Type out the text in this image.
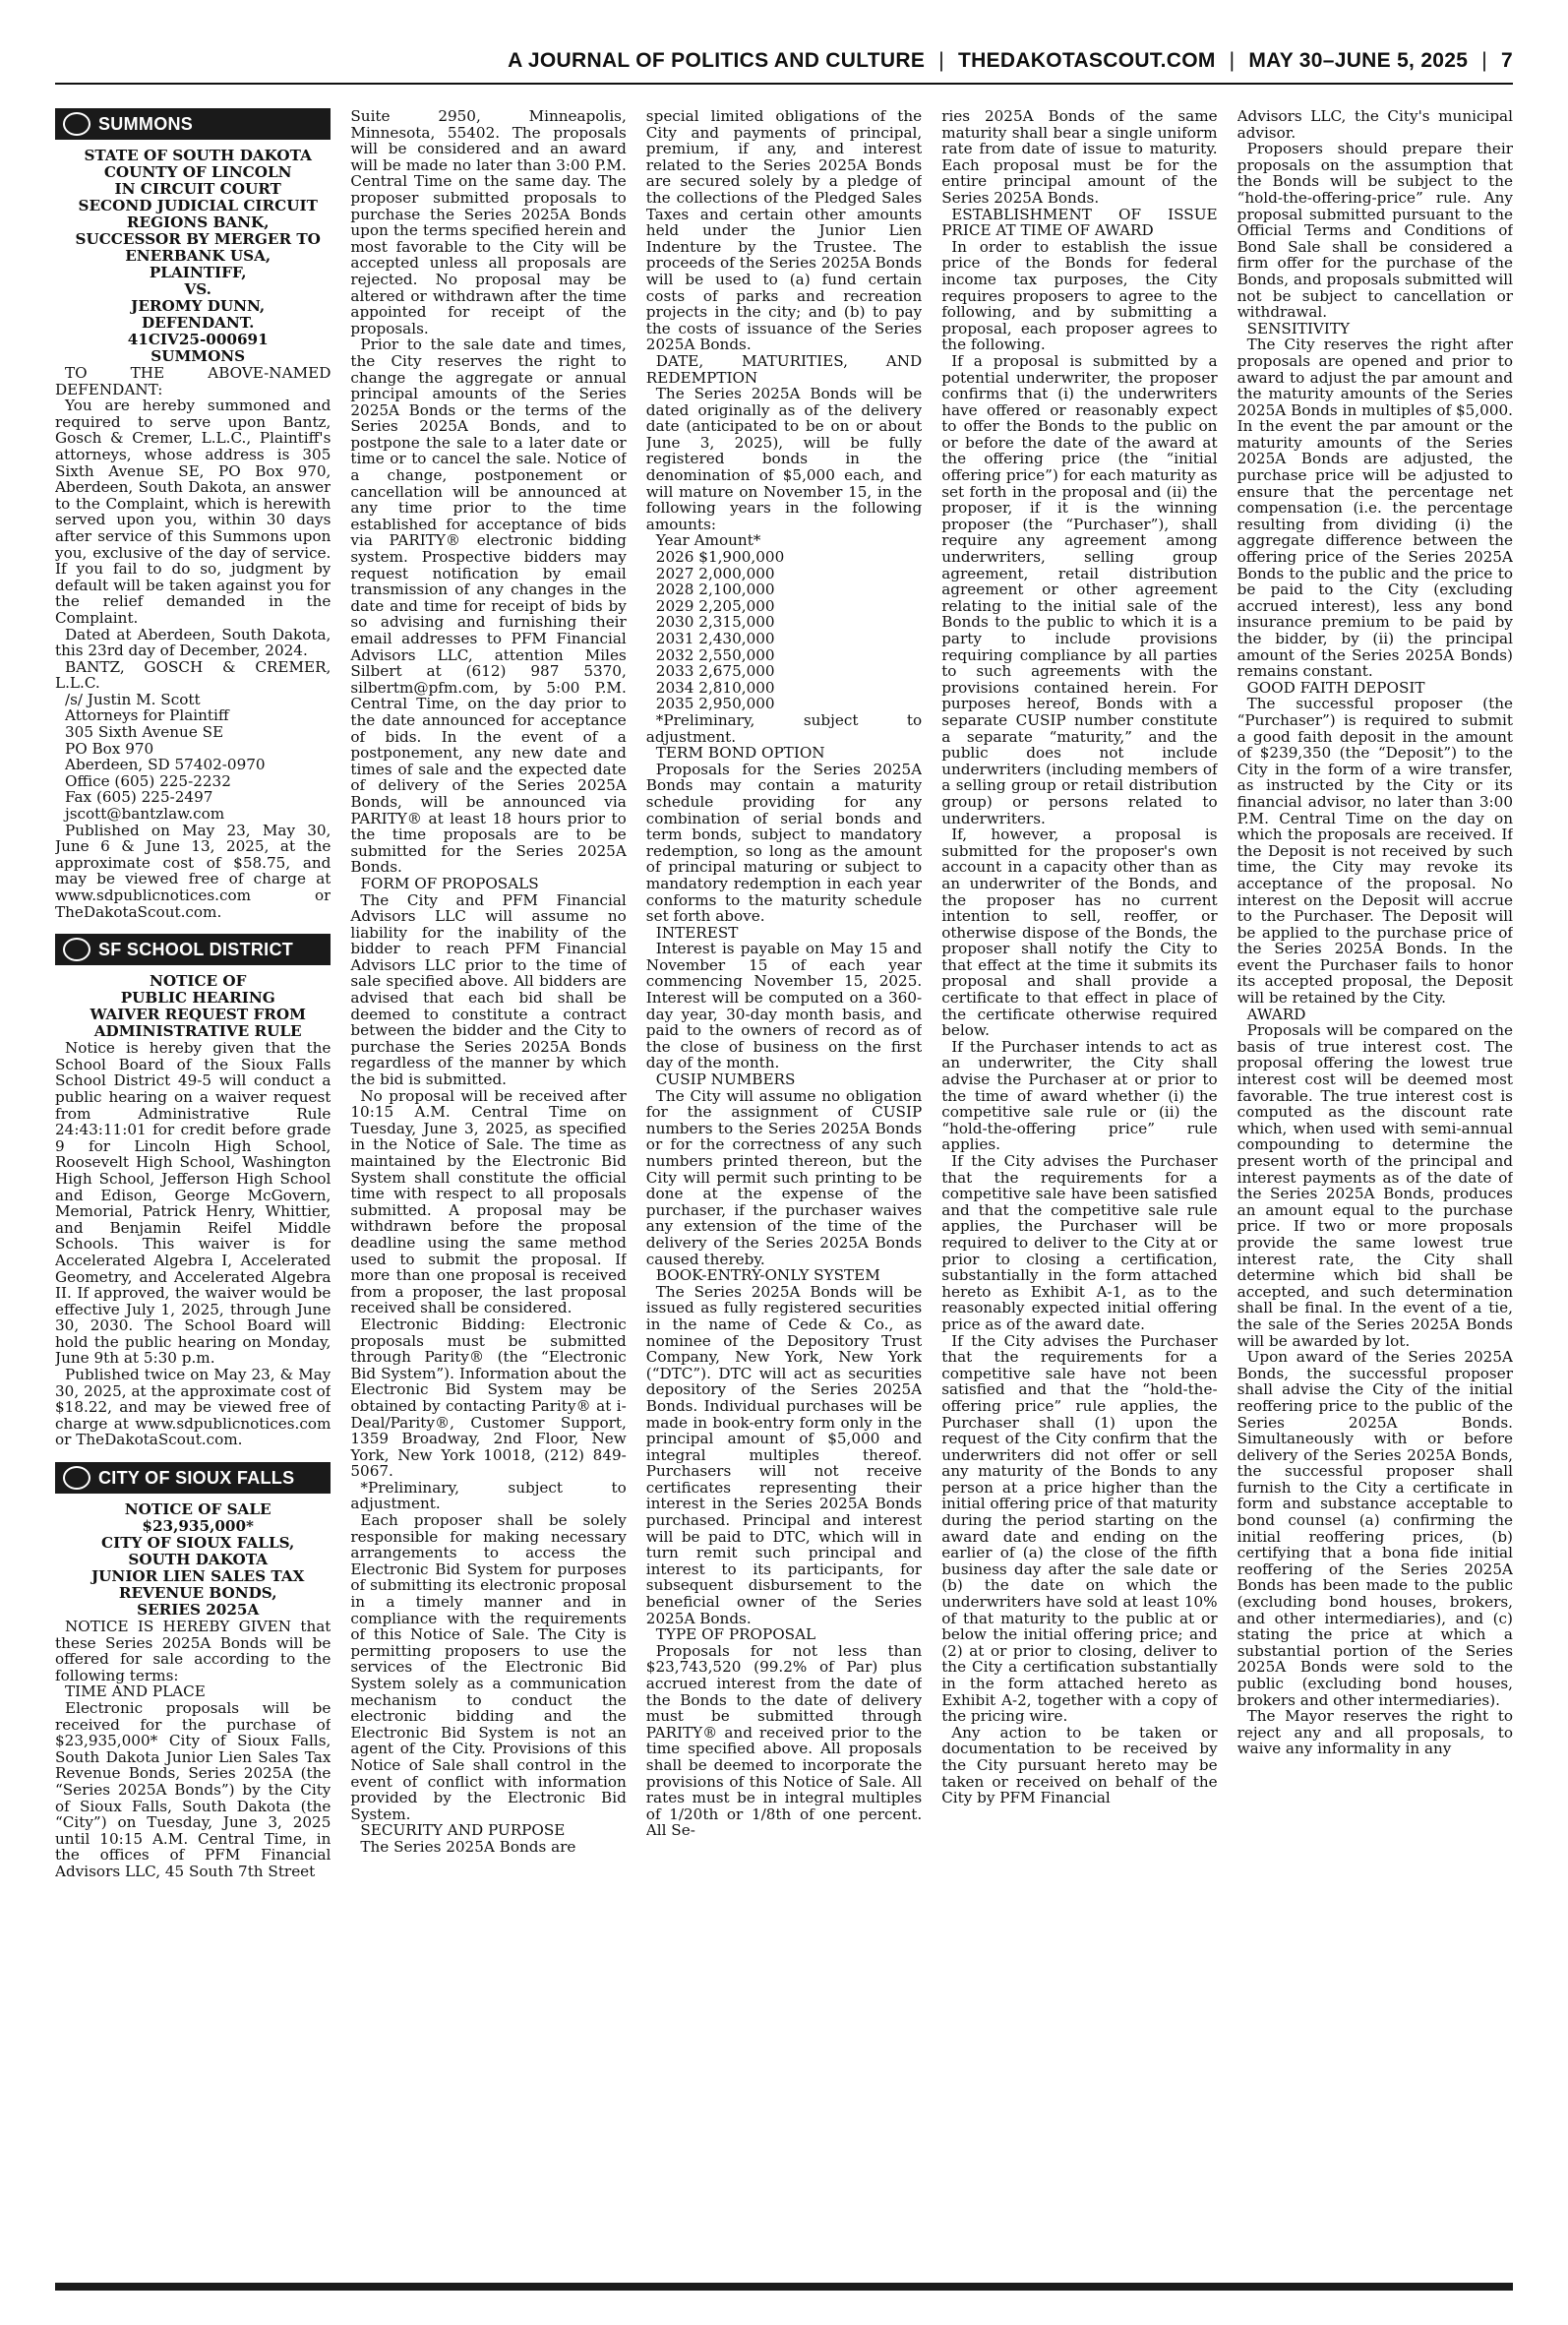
A JOURNAL OF POLITICS AND CULTURE | THEDAKOTASCOUT.COM | MAY 30–JUNE 5, 2025 | 7
SUMMONS

STATE OF SOUTH DAKOTA

COUNTY OF LINCOLN

IN CIRCUIT COURT

SECOND JUDICIAL CIRCUIT

REGIONS BANK,

SUCCESSOR BY MERGER TO

ENERBANK USA,

PLAINTIFF,

VS.

JEROMY DUNN,

DEFENDANT.

41CIV25-000691

SUMMONS

TO THE ABOVE-NAMED DEFENDANT:

You are hereby summoned and required to serve upon Bantz, Gosch & Cremer, L.L.C., Plaintiff's attorneys, whose address is 305 Sixth Avenue SE, PO Box 970, Aberdeen, South Dakota, an answer to the Complaint, which is herewith served upon you, within 30 days after service of this Summons upon you, exclusive of the day of service. If you fail to do so, judgment by default will be taken against you for the relief demanded in the Complaint.

Dated at Aberdeen, South Dakota, this 23rd day of December, 2024.

BANTZ, GOSCH & CREMER, L.L.C.

/s/ Justin M. Scott

Attorneys for Plaintiff

305 Sixth Avenue SE

PO Box 970

Aberdeen, SD 57402-0970

Office (605) 225-2232

Fax (605) 225-2497

jscott@bantzlaw.com

Published on May 23, May 30, June 6 & June 13, 2025, at the approximate cost of $58.75, and may be viewed free of charge at www.sdpublicnotices.com or TheDakotaScout.com.

SF SCHOOL DISTRICT

NOTICE OF

PUBLIC HEARING

WAIVER REQUEST FROM

ADMINISTRATIVE RULE

Notice is hereby given that the School Board of the Sioux Falls School District 49-5 will conduct a public hearing on a waiver request from Administrative Rule 24:43:11:01 for credit before grade 9 for Lincoln High School, Roosevelt High School, Washington High School, Jefferson High School and Edison, George McGovern, Memorial, Patrick Henry, Whittier, and Benjamin Reifel Middle Schools. This waiver is for Accelerated Algebra I, Accelerated Geometry, and Accelerated Algebra II. If approved, the waiver would be effective July 1, 2025, through June 30, 2030. The School Board will hold the public hearing on Monday, June 9th at 5:30 p.m.

Published twice on May 23, & May 30, 2025, at the approximate cost of $18.22, and may be viewed free of charge at www.sdpublicnotices.com or TheDakotaScout.com.

CITY OF SIOUX FALLS

NOTICE OF SALE

$23,935,000*

CITY OF SIOUX FALLS,

SOUTH DAKOTA

JUNIOR LIEN SALES TAX

REVENUE BONDS,

SERIES 2025A

NOTICE IS HEREBY GIVEN that these Series 2025A Bonds will be offered for sale according to the following terms:

TIME AND PLACE

Electronic proposals will be received for the purchase of $23,935,000* City of Sioux Falls, South Dakota Junior Lien Sales Tax Revenue Bonds, Series 2025A (the “Series 2025A Bonds”) by the City of Sioux Falls, South Dakota (the “City”) on Tuesday, June 3, 2025 until 10:15 A.M. Central Time, in the offices of PFM Financial Advisors LLC, 45 South 7th Street

Suite 2950, Minneapolis, Minnesota, 55402. The proposals will be considered and an award will be made no later than 3:00 P.M. Central Time on the same day. The proposer submitted proposals to purchase the Series 2025A Bonds upon the terms specified herein and most favorable to the City will be accepted unless all proposals are rejected. No proposal may be altered or withdrawn after the time appointed for receipt of the proposals.

Prior to the sale date and times, the City reserves the right to change the aggregate or annual principal amounts of the Series 2025A Bonds or the terms of the Series 2025A Bonds, and to postpone the sale to a later date or time or to cancel the sale. Notice of a change, postponement or cancellation will be announced at any time prior to the time established for acceptance of bids via PARITY® electronic bidding system. Prospective bidders may request notification by email transmission of any changes in the date and time for receipt of bids by so advising and furnishing their email addresses to PFM Financial Advisors LLC, attention Miles Silbert at (612) 987 5370, silbertm@pfm.com, by 5:00 P.M. Central Time, on the day prior to the date announced for acceptance of bids. In the event of a postponement, any new date and times of sale and the expected date of delivery of the Series 2025A Bonds, will be announced via PARITY® at least 18 hours prior to the time proposals are to be submitted for the Series 2025A Bonds.

FORM OF PROPOSALS

The City and PFM Financial Advisors LLC will assume no liability for the inability of the bidder to reach PFM Financial Advisors LLC prior to the time of sale specified above. All bidders are advised that each bid shall be deemed to constitute a contract between the bidder and the City to purchase the Series 2025A Bonds regardless of the manner by which the bid is submitted.

No proposal will be received after 10:15 A.M. Central Time on Tuesday, June 3, 2025, as specified in the Notice of Sale. The time as maintained by the Electronic Bid System shall constitute the official time with respect to all proposals submitted. A proposal may be withdrawn before the proposal deadline using the same method used to submit the proposal. If more than one proposal is received from a proposer, the last proposal received shall be considered.

Electronic Bidding: Electronic proposals must be submitted through Parity® (the “Electronic Bid System”). Information about the Electronic Bid System may be obtained by contacting Parity® at i-Deal/Parity®, Customer Support, 1359 Broadway, 2nd Floor, New York, New York 10018, (212) 849-5067.

*Preliminary, subject to adjustment.

Each proposer shall be solely responsible for making necessary arrangements to access the Electronic Bid System for purposes of submitting its electronic proposal in a timely manner and in compliance with the requirements of this Notice of Sale. The City is permitting proposers to use the services of the Electronic Bid System solely as a communication mechanism to conduct the electronic bidding and the Electronic Bid System is not an agent of the City. Provisions of this Notice of Sale shall control in the event of conflict with information provided by the Electronic Bid System.

SECURITY AND PURPOSE

The Series 2025A Bonds are

special limited obligations of the City and payments of principal, premium, if any, and interest related to the Series 2025A Bonds are secured solely by a pledge of the collections of the Pledged Sales Taxes and certain other amounts held under the Junior Lien Indenture by the Trustee. The proceeds of the Series 2025A Bonds will be used to (a) fund certain costs of parks and recreation projects in the city; and (b) to pay the costs of issuance of the Series 2025A Bonds.

DATE, MATURITIES, AND REDEMPTION

The Series 2025A Bonds will be dated originally as of the delivery date (anticipated to be on or about June 3, 2025), will be fully registered bonds in the denomination of $5,000 each, and will mature on November 15, in the following years in the following amounts:

Year Amount*

2026 $1,900,000

2027 2,000,000

2028 2,100,000

2029 2,205,000

2030 2,315,000

2031 2,430,000

2032 2,550,000

2033 2,675,000

2034 2,810,000

2035 2,950,000

*Preliminary, subject to adjustment.

TERM BOND OPTION

Proposals for the Series 2025A Bonds may contain a maturity schedule providing for any combination of serial bonds and term bonds, subject to mandatory redemption, so long as the amount of principal maturing or subject to mandatory redemption in each year conforms to the maturity schedule set forth above.

INTEREST

Interest is payable on May 15 and November 15 of each year commencing November 15, 2025. Interest will be computed on a 360-day year, 30-day month basis, and paid to the owners of record as of the close of business on the first day of the month.

CUSIP NUMBERS

The City will assume no obligation for the assignment of CUSIP numbers to the Series 2025A Bonds or for the correctness of any such numbers printed thereon, but the City will permit such printing to be done at the expense of the purchaser, if the purchaser waives any extension of the time of the delivery of the Series 2025A Bonds caused thereby.

BOOK-ENTRY-ONLY SYSTEM

The Series 2025A Bonds will be issued as fully registered securities in the name of Cede & Co., as nominee of the Depository Trust Company, New York, New York (“DTC”). DTC will act as securities depository of the Series 2025A Bonds. Individual purchases will be made in book-entry form only in the principal amount of $5,000 and integral multiples thereof. Purchasers will not receive certificates representing their interest in the Series 2025A Bonds purchased. Principal and interest will be paid to DTC, which will in turn remit such principal and interest to its participants, for subsequent disbursement to the beneficial owner of the Series 2025A Bonds.

TYPE OF PROPOSAL

Proposals for not less than $23,743,520 (99.2% of Par) plus accrued interest from the date of the Bonds to the date of delivery must be submitted through PARITY® and received prior to the time specified above. All proposals shall be deemed to incorporate the provisions of this Notice of Sale. All rates must be in integral multiples of 1/20th or 1/8th of one percent. All Se-

ries 2025A Bonds of the same maturity shall bear a single uniform rate from date of issue to maturity. Each proposal must be for the entire principal amount of the Series 2025A Bonds.

ESTABLISHMENT OF ISSUE PRICE AT TIME OF AWARD

In order to establish the issue price of the Bonds for federal income tax purposes, the City requires proposers to agree to the following, and by submitting a proposal, each proposer agrees to the following.

If a proposal is submitted by a potential underwriter, the proposer confirms that (i) the underwriters have offered or reasonably expect to offer the Bonds to the public on or before the date of the award at the offering price (the “initial offering price”) for each maturity as set forth in the proposal and (ii) the proposer, if it is the winning proposer (the “Purchaser”), shall require any agreement among underwriters, selling group agreement, retail distribution agreement or other agreement relating to the initial sale of the Bonds to the public to which it is a party to include provisions requiring compliance by all parties to such agreements with the provisions contained herein. For purposes hereof, Bonds with a separate CUSIP number constitute a separate “maturity,” and the public does not include underwriters (including members of a selling group or retail distribution group) or persons related to underwriters.

If, however, a proposal is submitted for the proposer's own account in a capacity other than as an underwriter of the Bonds, and the proposer has no current intention to sell, reoffer, or otherwise dispose of the Bonds, the proposer shall notify the City to that effect at the time it submits its proposal and shall provide a certificate to that effect in place of the certificate otherwise required below.

If the Purchaser intends to act as an underwriter, the City shall advise the Purchaser at or prior to the time of award whether (i) the competitive sale rule or (ii) the “hold-the-offering price” rule applies.

If the City advises the Purchaser that the requirements for a competitive sale have been satisfied and that the competitive sale rule applies, the Purchaser will be required to deliver to the City at or prior to closing a certification, substantially in the form attached hereto as Exhibit A-1, as to the reasonably expected initial offering price as of the award date.

If the City advises the Purchaser that the requirements for a competitive sale have not been satisfied and that the “hold-the-offering price” rule applies, the Purchaser shall (1) upon the request of the City confirm that the underwriters did not offer or sell any maturity of the Bonds to any person at a price higher than the initial offering price of that maturity during the period starting on the award date and ending on the earlier of (a) the close of the fifth business day after the sale date or (b) the date on which the underwriters have sold at least 10% of that maturity to the public at or below the initial offering price; and (2) at or prior to closing, deliver to the City a certification substantially in the form attached hereto as Exhibit A-2, together with a copy of the pricing wire.

Any action to be taken or documentation to be received by the City pursuant hereto may be taken or received on behalf of the City by PFM Financial

Advisors LLC, the City's municipal advisor.

Proposers should prepare their proposals on the assumption that the Bonds will be subject to the “hold-the-offering-price” rule. Any proposal submitted pursuant to the Official Terms and Conditions of Bond Sale shall be considered a firm offer for the purchase of the Bonds, and proposals submitted will not be subject to cancellation or withdrawal.

SENSITIVITY

The City reserves the right after proposals are opened and prior to award to adjust the par amount and the maturity amounts of the Series 2025A Bonds in multiples of $5,000. In the event the par amount or the maturity amounts of the Series 2025A Bonds are adjusted, the purchase price will be adjusted to ensure that the percentage net compensation (i.e. the percentage resulting from dividing (i) the aggregate difference between the offering price of the Series 2025A Bonds to the public and the price to be paid to the City (excluding accrued interest), less any bond insurance premium to be paid by the bidder, by (ii) the principal amount of the Series 2025A Bonds) remains constant.

GOOD FAITH DEPOSIT

The successful proposer (the “Purchaser”) is required to submit a good faith deposit in the amount of $239,350 (the “Deposit”) to the City in the form of a wire transfer, as instructed by the City or its financial advisor, no later than 3:00 P.M. Central Time on the day on which the proposals are received. If the Deposit is not received by such time, the City may revoke its acceptance of the proposal. No interest on the Deposit will accrue to the Purchaser. The Deposit will be applied to the purchase price of the Series 2025A Bonds. In the event the Purchaser fails to honor its accepted proposal, the Deposit will be retained by the City.

AWARD

Proposals will be compared on the basis of true interest cost. The proposal offering the lowest true interest cost will be deemed most favorable. The true interest cost is computed as the discount rate which, when used with semi-annual compounding to determine the present worth of the principal and interest payments as of the date of the Series 2025A Bonds, produces an amount equal to the purchase price. If two or more proposals provide the same lowest true interest rate, the City shall determine which bid shall be accepted, and such determination shall be final. In the event of a tie, the sale of the Series 2025A Bonds will be awarded by lot.

Upon award of the Series 2025A Bonds, the successful proposer shall advise the City of the initial reoffering price to the public of the Series 2025A Bonds. Simultaneously with or before delivery of the Series 2025A Bonds, the successful proposer shall furnish to the City a certificate in form and substance acceptable to bond counsel (a) confirming the initial reoffering prices, (b) certifying that a bona fide initial reoffering of the Series 2025A Bonds has been made to the public (excluding bond houses, brokers, and other intermediaries), and (c) stating the price at which a substantial portion of the Series 2025A Bonds were sold to the public (excluding bond houses, brokers and other intermediaries).

The Mayor reserves the right to reject any and all proposals, to waive any informality in any
